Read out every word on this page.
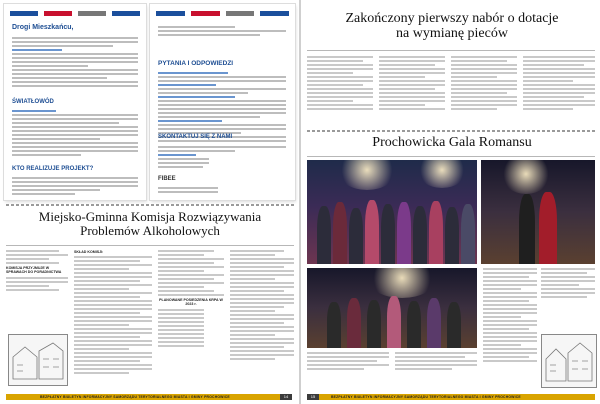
Drogi Mieszkańcu,
ŚWIATŁOWÓD
KTO REALIZUJE PROJEKT?
PYTANIA I ODPOWIEDZI
SKONTAKTUJ SIĘ Z NAMI
FIBEE
Miejsko-Gminna Komisja Rozwiązywania Problemów Alkoholowych
KOMISJA PRZYJMUJE W SPRAWACH DO PORADNICTWA
SKŁAD KOMISJI:
PLANOWANE POSIEDZENIA KRPA W 2023 r.
BEZPŁATNY BIULETYN INFORMACYJNY SAMORZĄDU TERYTORIALNEGO MIASTA I GMINY PROCHOWICE	14
Zakończony pierwszy nabór o dotacje na wymianę pieców
Prochowicka Gala Romansu
15	BEZPŁATNY BIULETYN INFORMACYJNY SAMORZĄDU TERYTORIALNEGO MIASTA I GMINY PROCHOWICE
